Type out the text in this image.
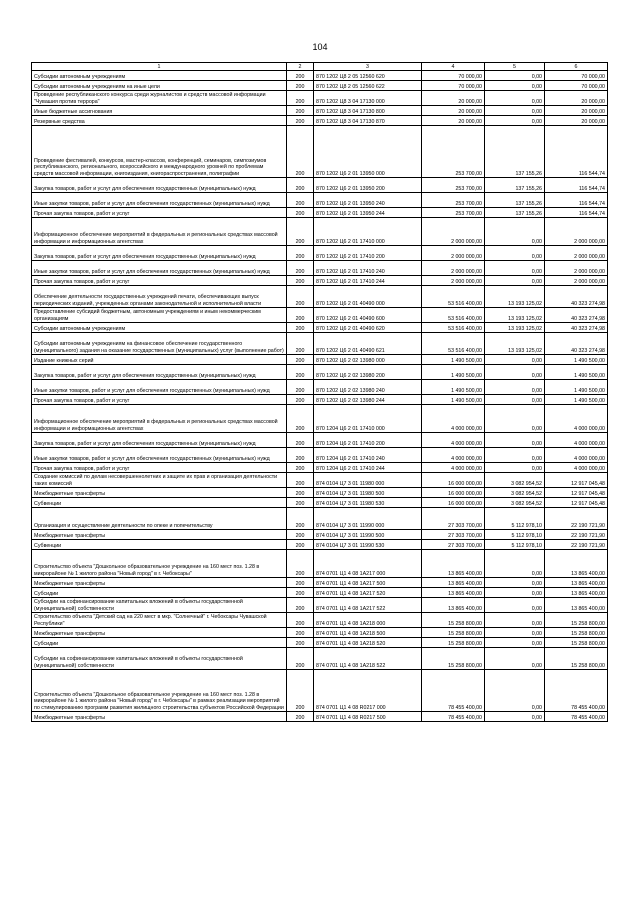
104
1	2	3	4	5	6
Субсидии автономным учреждениям	200	870 1202 Ц8 2 05 12560 620	70 000,00	0,00	70 000,00
Субсидии автономным учреждениям на иные цели	200	870 1202 Ц8 2 05 12560 622	70 000,00	0,00	70 000,00
Проведение республиканского конкурса среди журналистов и средств массовой информации "Чувашия против террора"	200	870 1202 Ц8 3 04 17130 000	20 000,00	0,00	20 000,00
Иные бюджетные ассигнования	200	870 1202 Ц8 3 04 17130 800	20 000,00	0,00	20 000,00
Резервные средства	200	870 1202 Ц8 3 04 17130 870	20 000,00	0,00	20 000,00
Проведение фестивалей, конкурсов, мастер-классов, конференций, семинаров, симпозиумов республиканского, регионального, всероссийского и международного уровней по проблемам средств массовой информации, книгоиздания, книгораспространения, полиграфии	200	870 1202 Ц6 2 01 13950 000	253 700,00	137 155,26	116 544,74
Закупка товаров, работ и услуг для обеспечения государственных (муниципальных) нужд	200	870 1202 Ц6 2 01 13950 200	253 700,00	137 155,26	116 544,74
Иные закупки товаров, работ и услуг для обеспечения государственных (муниципальных) нужд	200	870 1202 Ц6 2 01 13950 240	253 700,00	137 155,26	116 544,74
Прочая закупка товаров, работ и услуг	200	870 1202 Ц6 2 01 13950 244	253 700,00	137 155,26	116 544,74
Информационное обеспечение мероприятий в федеральных и региональных средствах массовой информации и информационных агентствах	200	870 1202 Ц6 2 01 17410 000	2 000 000,00	0,00	2 000 000,00
Закупка товаров, работ и услуг для обеспечения государственных (муниципальных) нужд	200	870 1202 Ц6 2 01 17410 200	2 000 000,00	0,00	2 000 000,00
Иные закупки товаров, работ и услуг для обеспечения государственных (муниципальных) нужд	200	870 1202 Ц6 2 01 17410 240	2 000 000,00	0,00	2 000 000,00
Прочая закупка товаров, работ и услуг	200	870 1202 Ц6 2 01 17410 244	2 000 000,00	0,00	2 000 000,00
Обеспечение деятельности государственных учреждений печати, обеспечивающих выпуск периодических изданий, учрежденных органами законодательной и исполнительной власти	200	870 1202 Ц6 2 01 40490 000	53 516 400,00	13 193 125,02	40 323 274,98
Предоставление субсидий бюджетным, автономным учреждениям и иным некоммерческим организациям	200	870 1202 Ц6 2 01 40490 600	53 516 400,00	13 193 125,02	40 323 274,98
Субсидии автономным учреждениям	200	870 1202 Ц6 2 01 40490 620	53 516 400,00	13 193 125,02	40 323 274,98
Субсидии автономным учреждениям на финансовое обеспечение государственного (муниципального) задания на оказание государственных (муниципальных) услуг (выполнение работ)	200	870 1202 Ц6 2 01 40490 621	53 516 400,00	13 193 125,02	40 323 274,98
Издание книжных серий	200	870 1202 Ц6 2 02 13980 000	1 490 500,00	0,00	1 490 500,00
Закупка товаров, работ и услуг для обеспечения государственных (муниципальных) нужд	200	870 1202 Ц6 2 02 13980 200	1 490 500,00	0,00	1 490 500,00
Иные закупки товаров, работ и услуг для обеспечения государственных (муниципальных) нужд	200	870 1202 Ц6 2 02 13980 240	1 490 500,00	0,00	1 490 500,00
Прочая закупка товаров, работ и услуг	200	870 1202 Ц6 2 02 13980 244	1 490 500,00	0,00	1 490 500,00
Информационное обеспечение мероприятий в федеральных и региональных средствах массовой информации и информационных агентствах	200	870 1204 Ц6 2 01 17410 000	4 000 000,00	0,00	4 000 000,00
Закупка товаров, работ и услуг для обеспечения государственных (муниципальных) нужд	200	870 1204 Ц6 2 01 17410 200	4 000 000,00	0,00	4 000 000,00
Иные закупки товаров, работ и услуг для обеспечения государственных (муниципальных) нужд	200	870 1204 Ц6 2 01 17410 240	4 000 000,00	0,00	4 000 000,00
Прочая закупка товаров, работ и услуг	200	870 1204 Ц6 2 01 17410 244	4 000 000,00	0,00	4 000 000,00
Создание комиссий по делам несовершеннолетних и защите их прав и организация деятельности таких комиссий	200	874 0104 Ц7 3 01 11980 000	16 000 000,00	3 082 954,52	12 917 045,48
Межбюджетные трансферты	200	874 0104 Ц7 3 01 11980 500	16 000 000,00	3 082 954,52	12 917 045,48
Субвенции	200	874 0104 Ц7 3 01 11980 530	16 000 000,00	3 082 954,52	12 917 045,48
Организация и осуществление деятельности по опеке и попечительству	200	874 0104 Ц7 3 01 11990 000	27 303 700,00	5 112 978,10	22 190 721,90
Межбюджетные трансферты	200	874 0104 Ц7 3 01 11990 500	27 303 700,00	5 112 978,10	22 190 721,90
Субвенции	200	874 0104 Ц7 3 01 11990 530	27 303 700,00	5 112 978,10	22 190 721,90
Строительство объекта "Дошкольное образовательное учреждение на 160 мест поз. 1.28 в микрорайоне № 1 жилого района "Новый город" в г. Чебоксары"	200	874 0701 Ц1 4 08 1А217 000	13 865 400,00	0,00	13 865 400,00
Межбюджетные трансферты	200	874 0701 Ц1 4 08 1А217 500	13 865 400,00	0,00	13 865 400,00
Субсидии	200	874 0701 Ц1 4 08 1А217 520	13 865 400,00	0,00	13 865 400,00
Субсидии на софинансирование капитальных вложений в объекты государственной (муниципальной) собственности	200	874 0701 Ц1 4 08 1А217 522	13 865 400,00	0,00	13 865 400,00
Строительство объекта "Детский сад на 220 мест в мкр. "Солнечный" г. Чебоксары Чувашской Республики"	200	874 0701 Ц1 4 08 1А218 000	15 258 800,00	0,00	15 258 800,00
Межбюджетные трансферты	200	874 0701 Ц1 4 08 1А218 500	15 258 800,00	0,00	15 258 800,00
Субсидии	200	874 0701 Ц1 4 08 1А218 520	15 258 800,00	0,00	15 258 800,00
Субсидии на софинансирование капитальных вложений в объекты государственной (муниципальной) собственности	200	874 0701 Ц1 4 08 1А218 522	15 258 800,00	0,00	15 258 800,00
Строительство объекта "Дошкольное образовательное учреждение на 160 мест поз. 1.28 в микрорайоне № 1 жилого района "Новый город" в г. Чебоксары" в рамках реализации мероприятий по стимулированию программ развития жилищного строительства субъектов Российской Федерации	200	874 0701 Ц1 4 08 R0217 000	78 455 400,00	0,00	78 455 400,00
Межбюджетные трансферты	200	874 0701 Ц1 4 08 R0217 500	78 455 400,00	0,00	78 455 400,00
